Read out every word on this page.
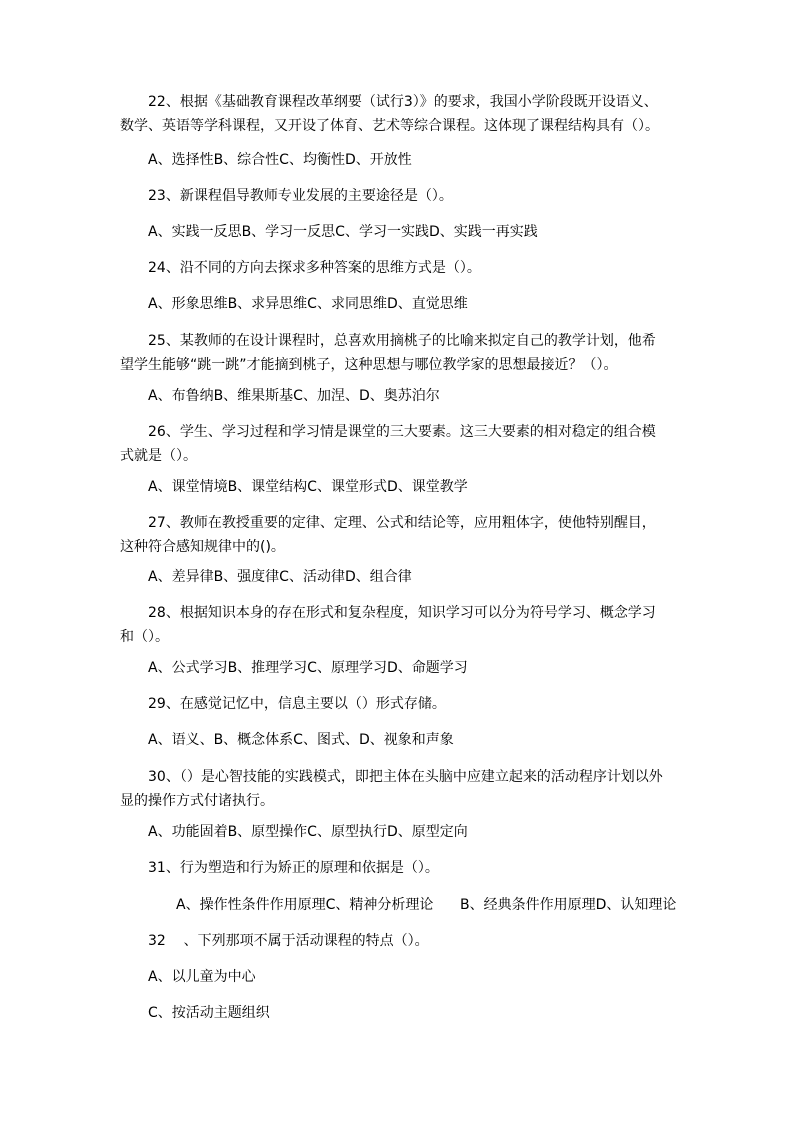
22、根据《基础教育课程改革纲要（试行3）》的要求，我国小学阶段既开设语义、数学、英语等学科课程，又开设了体育、艺术等综合课程。这体现了课程结构具有（）。

A、选择性B、综合性C、均衡性D、开放性

23、新课程倡导教师专业发展的主要途径是（）。

A、实践一反思B、学习一反思C、学习一实践D、实践一再实践

24、沿不同的方向去探求多种答案的思维方式是（）。

A、形象思维B、求异思维C、求同思维D、直觉思维

25、某教师的在设计课程时，总喜欢用摘桃子的比喻来拟定自己的教学计划，他希望学生能够“跳一跳”才能摘到桃子，这种思想与哪位教学家的思想最接近？（）。

A、布鲁纳B、维果斯基C、加涅、D、奥苏泊尔

26、学生、学习过程和学习情是课堂的三大要素。这三大要素的相对稳定的组合模式就是（）。

A、课堂情境B、课堂结构C、课堂形式D、课堂教学

27、教师在教授重要的定律、定理、公式和结论等，应用粗体字，使他特别醒目，这种符合感知规律中的()。

A、差异律B、强度律C、活动律D、组合律

28、根据知识本身的存在形式和复杂程度，知识学习可以分为符号学习、概念学习和（）。

A、公式学习B、推理学习C、原理学习D、命题学习

29、在感觉记忆中，信息主要以（）形式存储。

A、语义、B、概念体系C、图式、D、视象和声象

30、（）是心智技能的实践模式，即把主体在头脑中应建立起来的活动程序计划以外显的操作方式付诸执行。

A、功能固着B、原型操作C、原型执行D、原型定向

31、行为塑造和行为矫正的原理和依据是（）。

A、操作性条件作用原理C、精神分析理论      B、经典条件作用原理D、认知理论

32    、下列那项不属于活动课程的特点（）。

A、以儿童为中心

C、按活动主题组织
